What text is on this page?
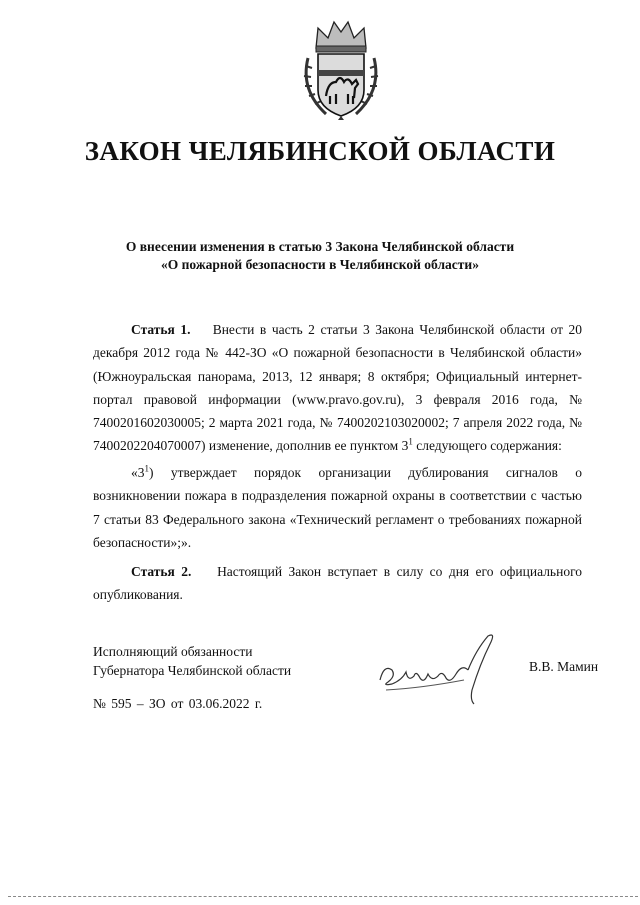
ЗАКОН ЧЕЛЯБИНСКОЙ ОБЛАСТИ
О внесении изменения в статью 3 Закона Челябинской области
«О пожарной безопасности в Челябинской области»

Статья 1. Внести в часть 2 статьи 3 Закона Челябинской области от 20 декабря 2012 года № 442-ЗО «О пожарной безопасности в Челябинской области» (Южноуральская панорама, 2013, 12 января; 8 октября; Официальный интернет-портал правовой информации (www.pravo.gov.ru), 3 февраля 2016 года, № 7400201602030005; 2 марта 2021 года, № 7400202103020002; 7 апреля 2022 года, № 7400202204070007) изменение, дополнив ее пунктом $3^1$ следующего содержания:

«$3^1$) утверждает порядок организации дублирования сигналов о возникновении пожара в подразделения пожарной охраны в соответствии с частью 7 статьи 83 Федерального закона «Технический регламент о требованиях пожарной безопасности»;».

Статья 2. Настоящий Закон вступает в силу со дня его официального опубликования.

Исполняющий обязанности
Губернатора Челябинской области	В.В. Мамин
№ 595 – ЗО от 03.06.2022 г.
